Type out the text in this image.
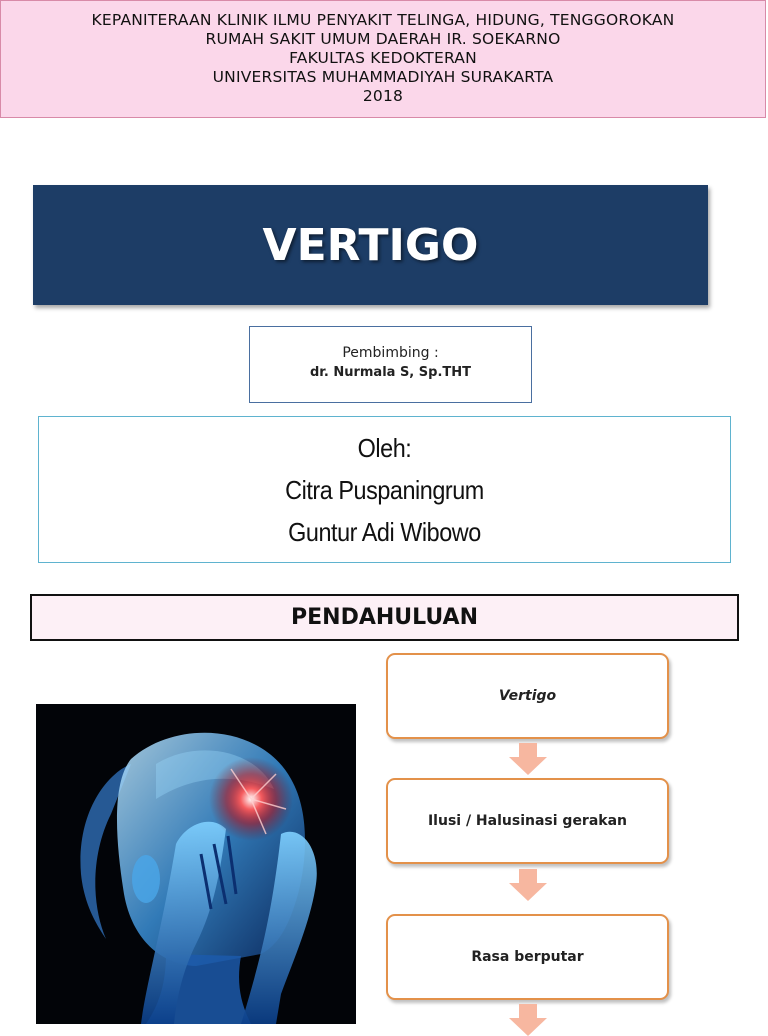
KEPANITERAAN KLINIK ILMU PENYAKIT TELINGA, HIDUNG, TENGGOROKAN
RUMAH SAKIT UMUM DAERAH IR. SOEKARNO
FAKULTAS KEDOKTERAN
UNIVERSITAS MUHAMMADIYAH SURAKARTA
2018
VERTIGO
Pembimbing :
dr. Nurmala S, Sp.THT
Oleh:
Citra Puspaningrum
Guntur Adi Wibowo
PENDAHULUAN
Vertigo
Ilusi / Halusinasi gerakan
Rasa berputar
